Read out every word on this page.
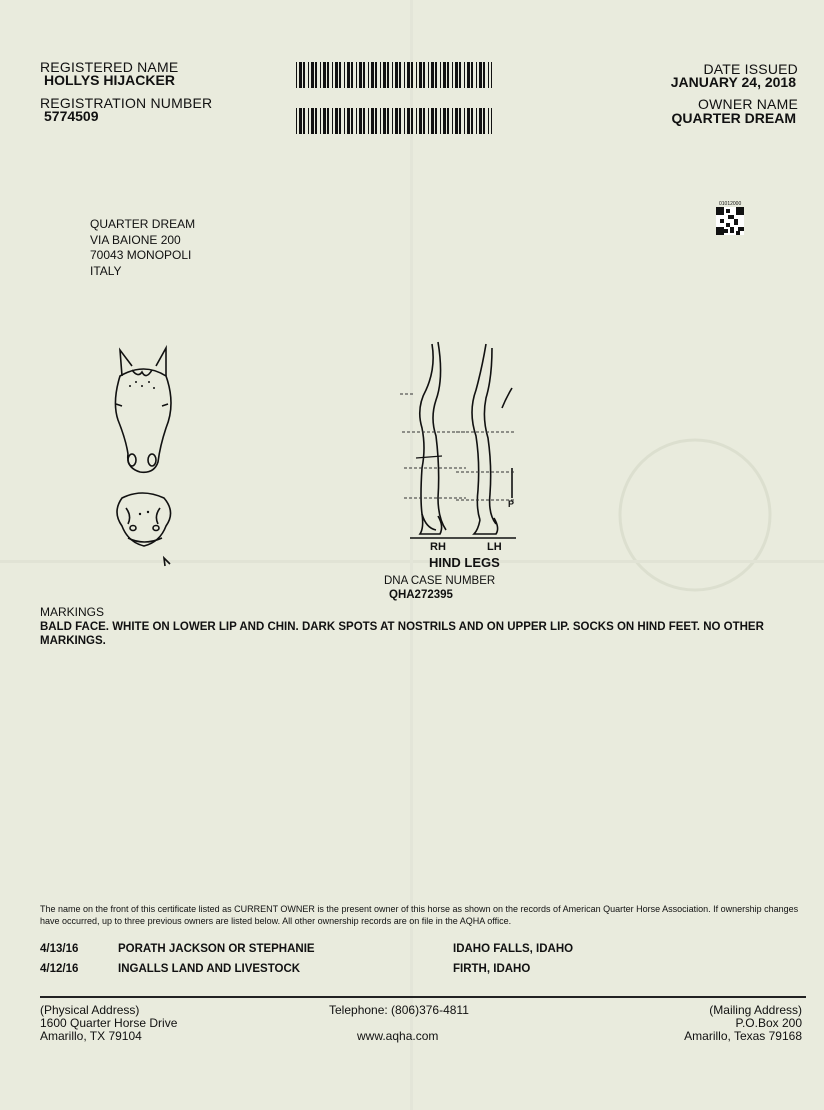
REGISTERED NAME
HOLLYS HIJACKER
REGISTRATION NUMBER
5774509
DATE ISSUED
JANUARY 24, 2018
OWNER NAME
QUARTER DREAM
01012000
QUARTER DREAM
VIA BAIONE 200
70043 MONOPOLI
ITALY
P
RH	LH
HIND LEGS
DNA CASE NUMBER
QHA272395
MARKINGS
BALD FACE. WHITE ON LOWER LIP AND CHIN. DARK SPOTS AT NOSTRILS AND ON UPPER LIP. SOCKS ON HIND FEET. NO OTHER MARKINGS.
The name on the front of this certificate listed as CURRENT OWNER is the present owner of this horse as shown on the records of American Quarter Horse Association. If ownership changes have occurred, up to three previous owners are listed below. All other ownership records are on file in the AQHA office.
4/13/16	PORATH JACKSON OR STEPHANIE	IDAHO FALLS, IDAHO
4/12/16	INGALLS LAND AND LIVESTOCK	FIRTH, IDAHO
(Physical Address)
1600 Quarter Horse Drive
Amarillo, TX 79104
Telephone: (806)376-4811
www.aqha.com
(Mailing Address)
P.O.Box 200
Amarillo, Texas 79168
